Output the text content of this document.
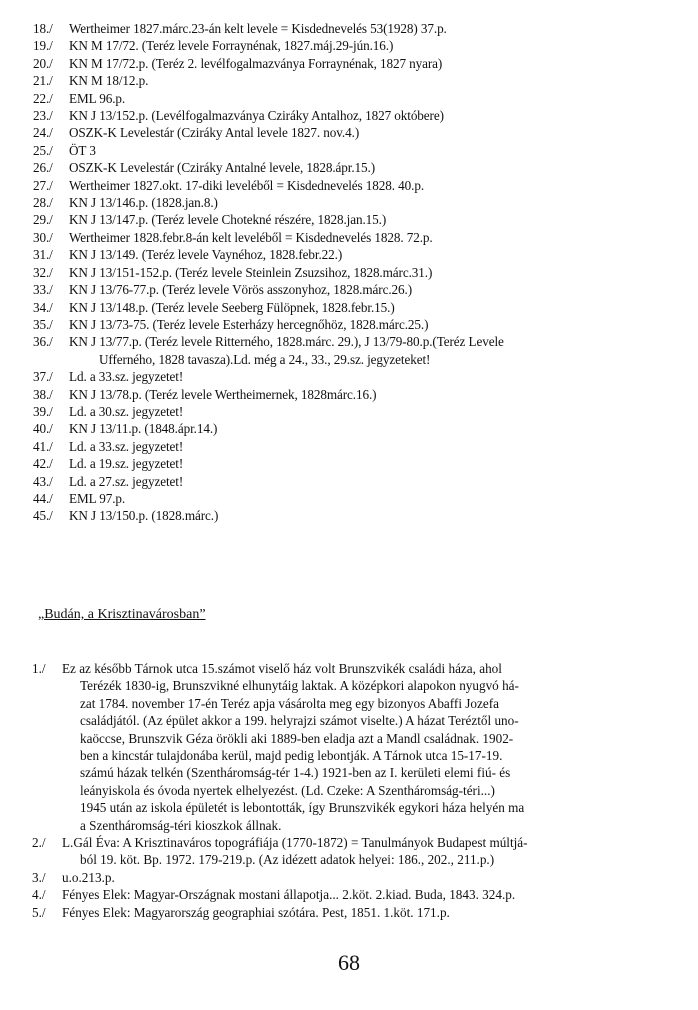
18./	Wertheimer 1827.márc.23-án kelt levele = Kisdednevelés 53(1928) 37.p.
19./	KN M 17/72. (Teréz levele Forraynénak, 1827.máj.29-jún.16.)
20./	KN M 17/72.p. (Teréz 2. levélfogalmazványa Forraynénak, 1827 nyara)
21./	KN M 18/12.p.
22./	EML 96.p.
23./	KN J 13/152.p. (Levélfogalmazványa Cziráky Antalhoz, 1827 októbere)
24./	OSZK-K Levelestár (Cziráky Antal levele 1827. nov.4.)
25./	ÖT 3
26./	OSZK-K Levelestár (Cziráky Antalné levele, 1828.ápr.15.)
27./	Wertheimer 1827.okt. 17-diki leveléből = Kisdednevelés 1828. 40.p.
28./	KN J 13/146.p. (1828.jan.8.)
29./	KN J 13/147.p. (Teréz levele Chotekné részére, 1828.jan.15.)
30./	Wertheimer 1828.febr.8-án kelt leveléből = Kisdednevelés 1828. 72.p.
31./	KN J 13/149. (Teréz levele Vaynéhoz, 1828.febr.22.)
32./	KN J 13/151-152.p. (Teréz levele Steinlein Zsuzsihoz, 1828.márc.31.)
33./	KN J 13/76-77.p. (Teréz levele Vörös asszonyhoz, 1828.márc.26.)
34./	KN J 13/148.p. (Teréz levele Seeberg Fülöpnek, 1828.febr.15.)
35./	KN J 13/73-75. (Teréz levele Esterházy hercegnőhöz, 1828.márc.25.)
36./	KN J 13/77.p. (Teréz levele Ritterného, 1828.márc. 29.), J 13/79-80.p.(Teréz Levele
Ufferného, 1828 tavasza).Ld. még a 24., 33., 29.sz. jegyzeteket!
37./	Ld. a 33.sz. jegyzetet!
38./	KN J 13/78.p. (Teréz levele Wertheimernek, 1828márc.16.)
39./	Ld. a 30.sz. jegyzetet!
40./	KN J 13/11.p. (1848.ápr.14.)
41./	Ld. a 33.sz. jegyzetet!
42./	Ld. a 19.sz. jegyzetet!
43./	Ld. a 27.sz. jegyzetet!
44./	EML 97.p.
45./	KN J 13/150.p. (1828.márc.)
„Budán, a Krisztinavárosban”
1./	Ez az később Tárnok utca 15.számot viselő ház volt Brunszvikék családi háza, ahol
Terézék 1830-ig, Brunszvikné elhunytáig laktak. A középkori alapokon nyugvó há-
zat 1784. november 17-én Teréz apja vásárolta meg egy bizonyos Abaffi Jozefa
családjától. (Az épület akkor a 199. helyrajzi számot viselte.) A házat Teréztől uno-
kaöccse, Brunszvik Géza örökli aki 1889-ben eladja azt a Mandl családnak. 1902-
ben a kincstár tulajdonába kerül, majd pedig lebontják. A Tárnok utca 15-17-19.
számú házak telkén (Szentháromság-tér 1-4.) 1921-ben az I. kerületi elemi fiú- és
leányiskola és óvoda nyertek elhelyezést. (Ld. Czeke: A Szentháromság-téri...)
1945 után az iskola épületét is lebontották, így Brunszvikék egykori háza helyén ma
a Szentháromság-téri kioszkok állnak.
2./	L.Gál Éva: A Krisztinaváros topográfiája (1770-1872) = Tanulmányok Budapest múltjá-
ból 19. köt. Bp. 1972. 179-219.p. (Az idézett adatok helyei: 186., 202., 211.p.)
3./	u.o.213.p.
4./	Fényes Elek: Magyar-Országnak mostani állapotja... 2.köt. 2.kiad. Buda, 1843. 324.p.
5./	Fényes Elek: Magyarország geographiai szótára. Pest, 1851. 1.köt. 171.p.
68
